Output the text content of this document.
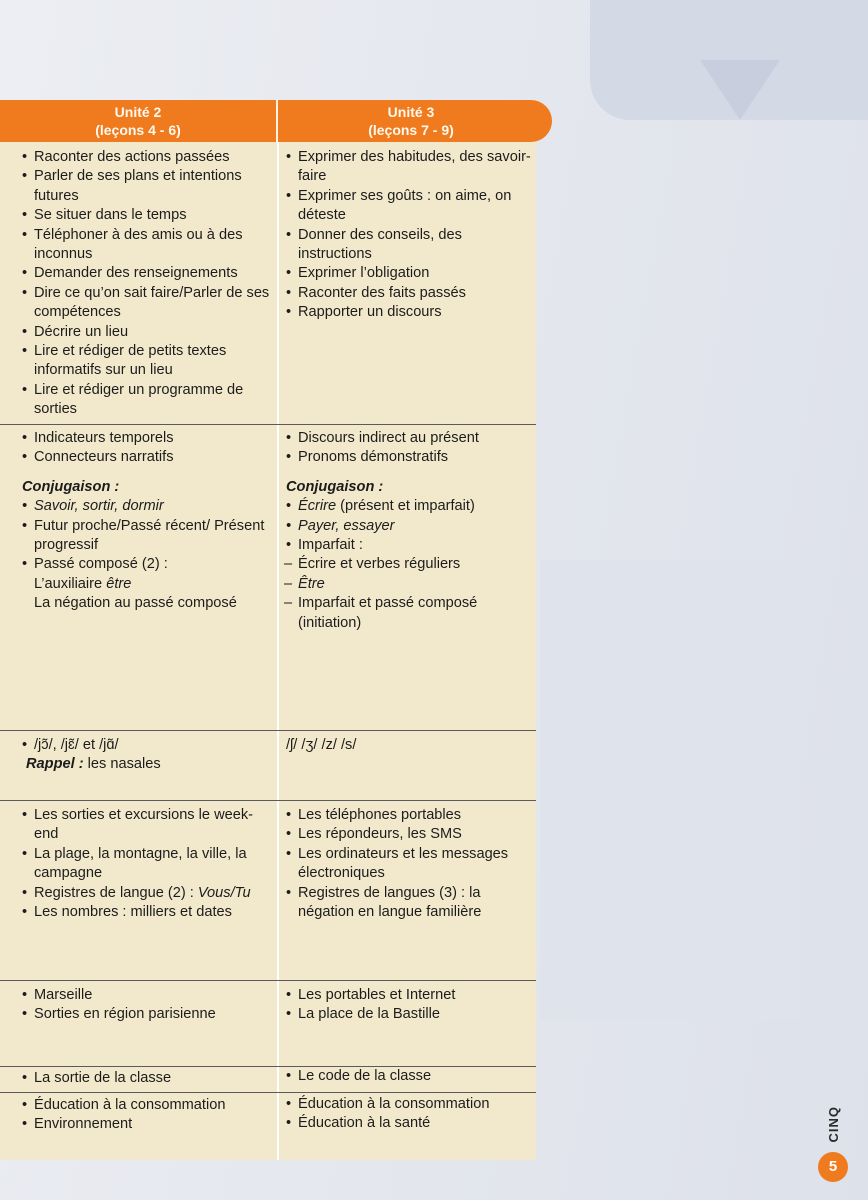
Unité 2
(leçons 4 - 6)
Unité 3
(leçons 7 - 9)
• Raconter des actions passées
• Parler de ses plans et intentions futures
• Se situer dans le temps
• Téléphoner à des amis ou à des inconnus
• Demander des renseignements
• Dire ce qu’on sait faire/Parler de ses compétences
• Décrire un lieu
• Lire et rédiger de petits textes informatifs sur un lieu
• Lire et rédiger un programme de sorties
• Exprimer des habitudes, des savoir-faire
• Exprimer ses goûts : on aime, on déteste
• Donner des conseils, des instructions
• Exprimer l’obligation
• Raconter des faits passés
• Rapporter un discours
• Indicateurs temporels
• Connecteurs narratifs
Conjugaison :
• Savoir, sortir, dormir
• Futur proche/Passé récent/ Présent progressif
• Passé composé (2) :
L’auxiliaire être
La négation au passé composé
• Discours indirect au présent
• Pronoms démonstratifs
Conjugaison :
• Écrire (présent et imparfait)
• Payer, essayer
• Imparfait :
– Écrire et verbes réguliers
– Être
– Imparfait et passé composé (initiation)
• /jɔ̃/, /jɛ̃/ et /jɑ̃/
Rappel : les nasales
/ʃ/ /ʒ/ /z/ /s/
• Les sorties et excursions le week-end
• La plage, la montagne, la ville, la campagne
• Registres de langue (2) : Vous/Tu
• Les nombres : milliers et dates
• Les téléphones portables
• Les répondeurs, les SMS
• Les ordinateurs et les messages électroniques
• Registres de langues (3) : la négation en langue familière
• Marseille
• Sorties en région parisienne
• Les portables et Internet
• La place de la Bastille
• La sortie de la classe
•	Le code de la classe
• Éducation à la consommation
• Environnement
• Éducation à la consommation
• Éducation à la santé	CINQ
5
